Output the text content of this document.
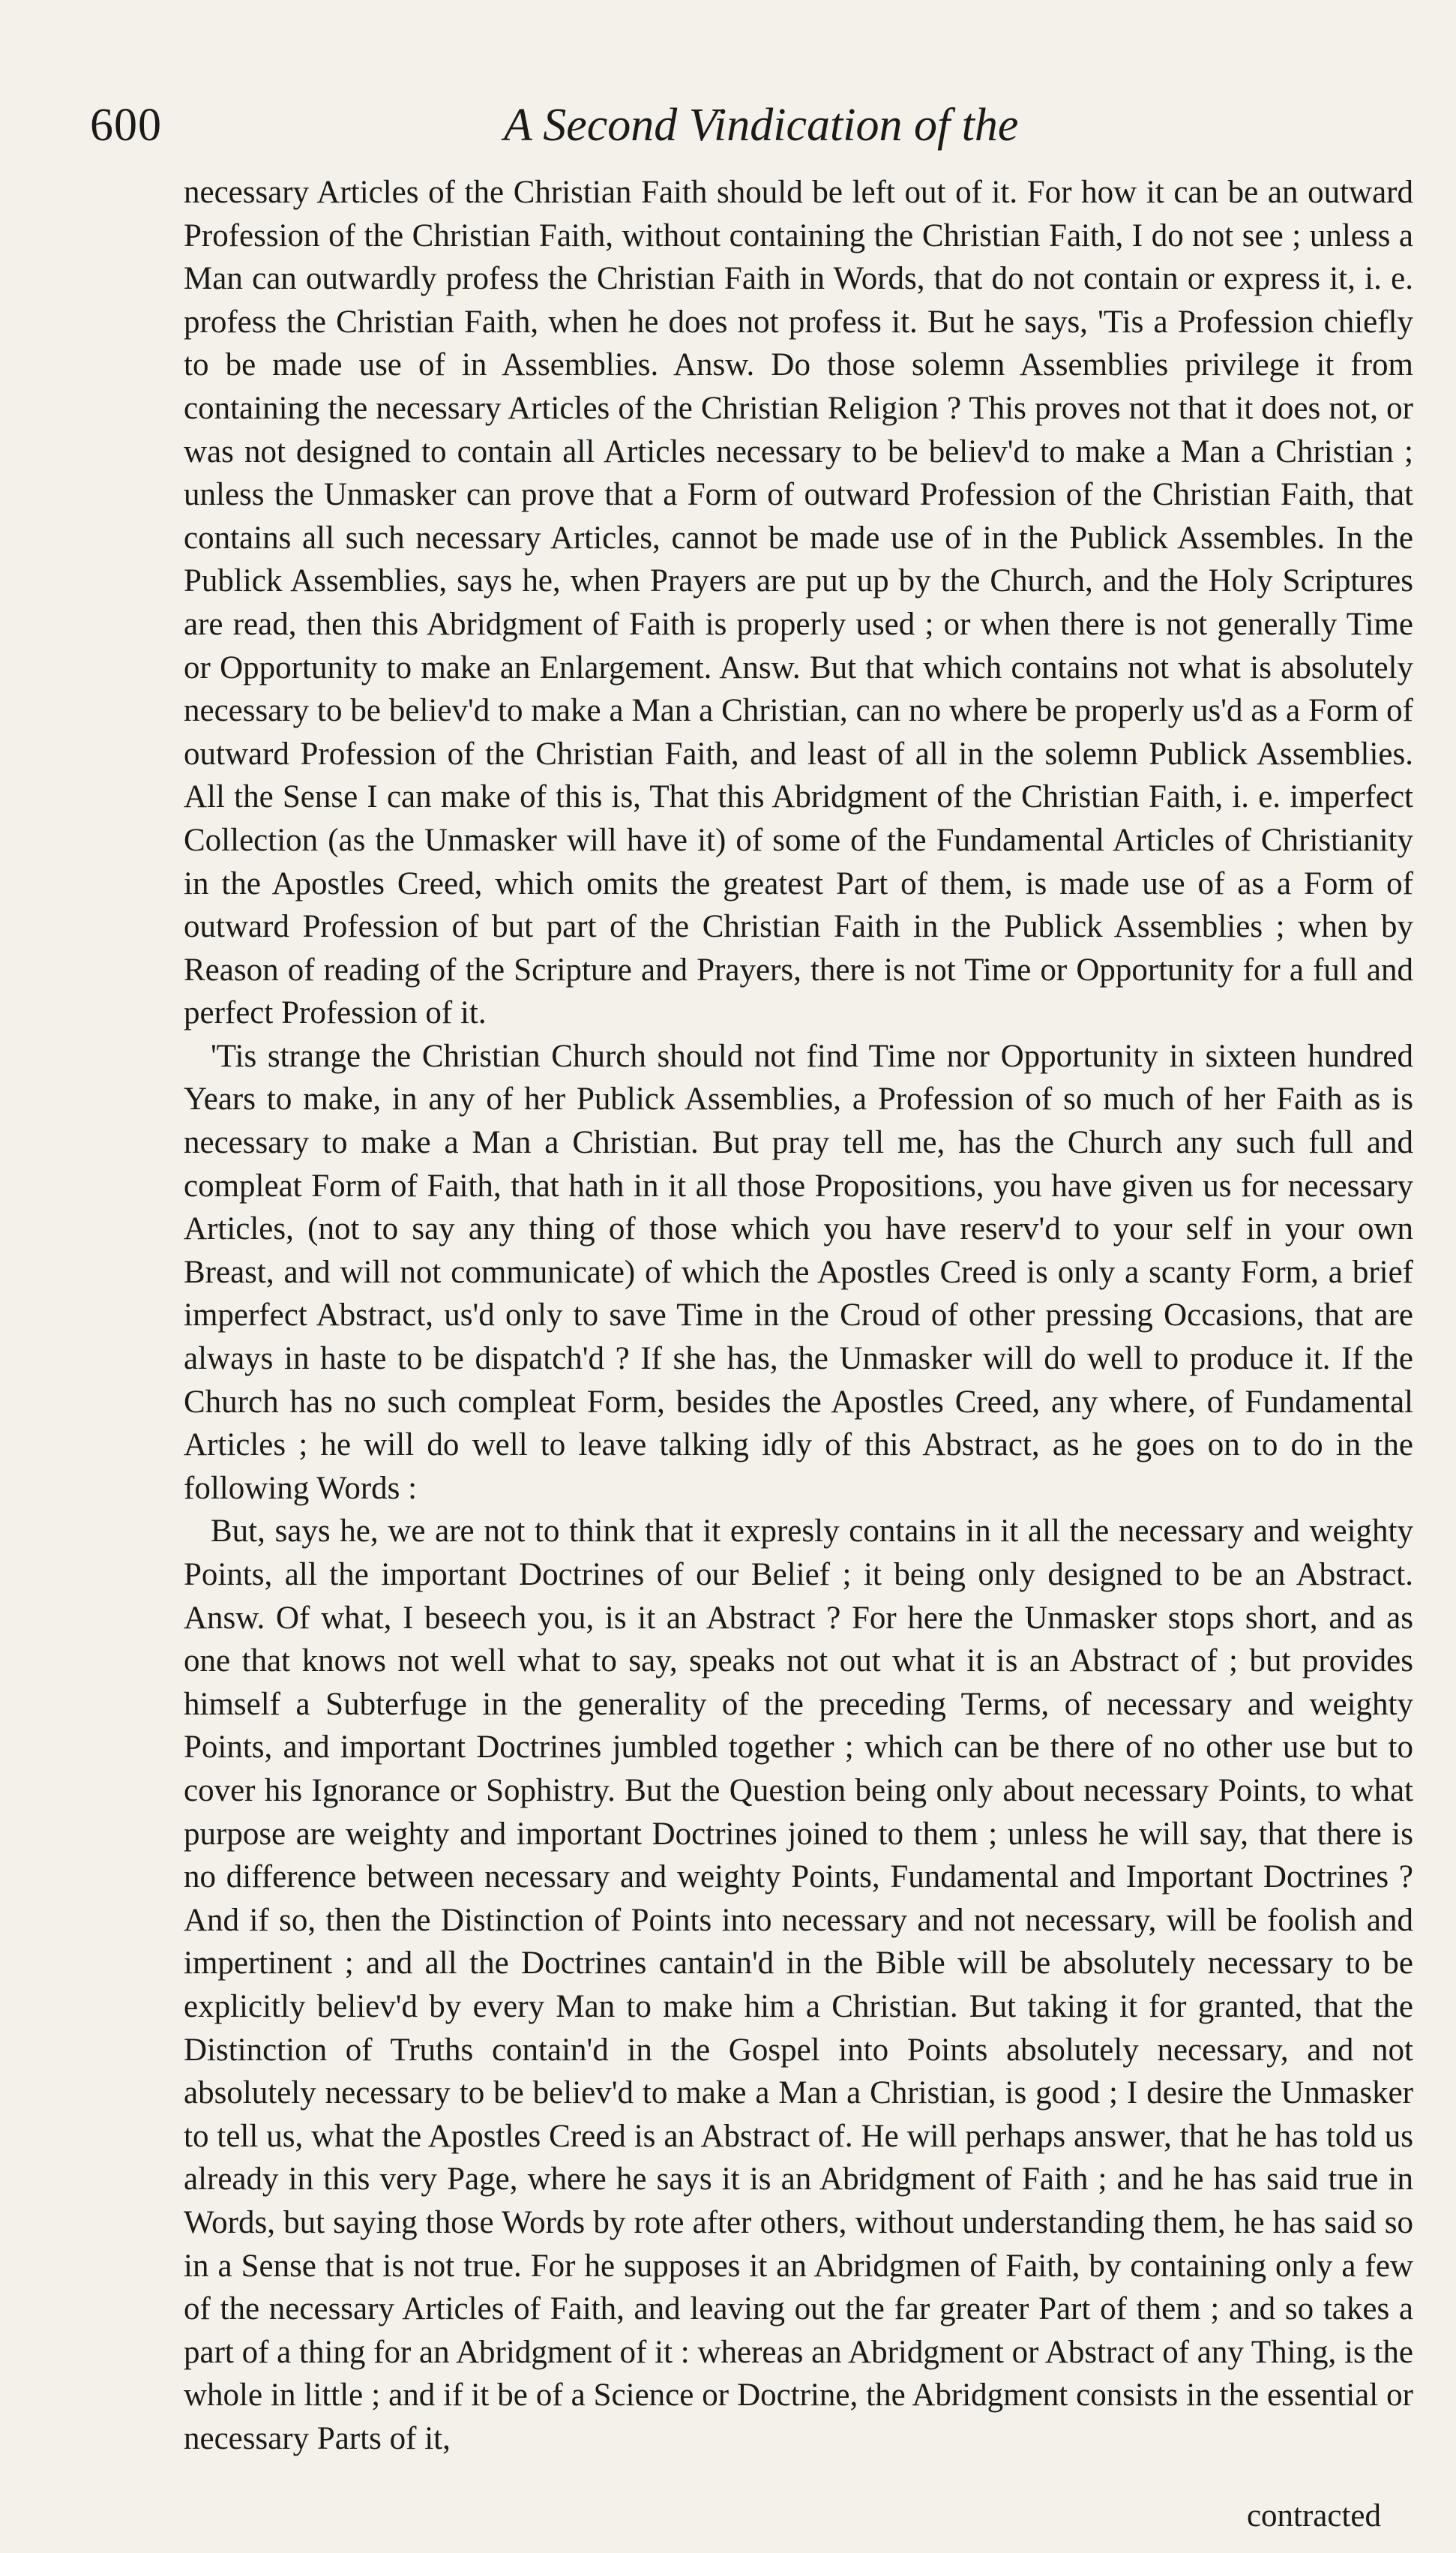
600	A Second Vindication of the

necessary Articles of the Christian Faith should be left out of it. For how it can be an outward Profession of the Christian Faith, without containing the Christian Faith, I do not see ; unless a Man can outwardly profess the Christian Faith in Words, that do not contain or express it, i. e. profess the Christian Faith, when he does not profess it. But he says, 'Tis a Profession chiefly to be made use of in Assemblies. Answ. Do those solemn Assemblies privilege it from containing the necessary Articles of the Christian Religion ? This proves not that it does not, or was not designed to contain all Articles necessary to be believ'd to make a Man a Christian ; unless the Unmasker can prove that a Form of outward Profession of the Christian Faith, that contains all such necessary Articles, cannot be made use of in the Publick Assembles. In the Publick Assemblies, says he, when Prayers are put up by the Church, and the Holy Scriptures are read, then this Abridgment of Faith is properly used ; or when there is not generally Time or Opportunity to make an Enlargement. Answ. But that which contains not what is absolutely necessary to be believ'd to make a Man a Christian, can no where be properly us'd as a Form of outward Profession of the Christian Faith, and least of all in the solemn Publick Assemblies. All the Sense I can make of this is, That this Abridgment of the Christian Faith, i. e. imperfect Collection (as the Unmasker will have it) of some of the Fundamental Articles of Christianity in the Apostles Creed, which omits the greatest Part of them, is made use of as a Form of outward Profession of but part of the Christian Faith in the Publick Assemblies ; when by Reason of reading of the Scripture and Prayers, there is not Time or Opportunity for a full and perfect Profession of it.

'Tis strange the Christian Church should not find Time nor Opportunity in sixteen hundred Years to make, in any of her Publick Assemblies, a Profession of so much of her Faith as is necessary to make a Man a Christian. But pray tell me, has the Church any such full and compleat Form of Faith, that hath in it all those Propositions, you have given us for necessary Articles, (not to say any thing of those which you have reserv'd to your self in your own Breast, and will not communicate) of which the Apostles Creed is only a scanty Form, a brief imperfect Abstract, us'd only to save Time in the Croud of other pressing Occasions, that are always in haste to be dispatch'd ? If she has, the Unmasker will do well to produce it. If the Church has no such compleat Form, besides the Apostles Creed, any where, of Fundamental Articles ; he will do well to leave talking idly of this Abstract, as he goes on to do in the following Words :

But, says he, we are not to think that it expresly contains in it all the necessary and weighty Points, all the important Doctrines of our Belief ; it being only designed to be an Abstract. Answ. Of what, I beseech you, is it an Abstract ? For here the Unmasker stops short, and as one that knows not well what to say, speaks not out what it is an Abstract of ; but provides himself a Subterfuge in the generality of the preceding Terms, of necessary and weighty Points, and important Doctrines jumbled together ; which can be there of no other use but to cover his Ignorance or Sophistry. But the Question being only about necessary Points, to what purpose are weighty and important Doctrines joined to them ; unless he will say, that there is no difference between necessary and weighty Points, Fundamental and Important Doctrines ? And if so, then the Distinction of Points into necessary and not necessary, will be foolish and impertinent ; and all the Doctrines cantain'd in the Bible will be absolutely necessary to be explicitly believ'd by every Man to make him a Christian. But taking it for granted, that the Distinction of Truths contain'd in the Gospel into Points absolutely necessary, and not absolutely necessary to be believ'd to make a Man a Christian, is good ; I desire the Unmasker to tell us, what the Apostles Creed is an Abstract of. He will perhaps answer, that he has told us already in this very Page, where he says it is an Abridgment of Faith ; and he has said true in Words, but saying those Words by rote after others, without understanding them, he has said so in a Sense that is not true. For he supposes it an Abridgmen of Faith, by containing only a few of the necessary Articles of Faith, and leaving out the far greater Part of them ; and so takes a part of a thing for an Abridgment of it : whereas an Abridgment or Abstract of any Thing, is the whole in little ; and if it be of a Science or Doctrine, the Abridgment consists in the essential or necessary Parts of it,

contracted
